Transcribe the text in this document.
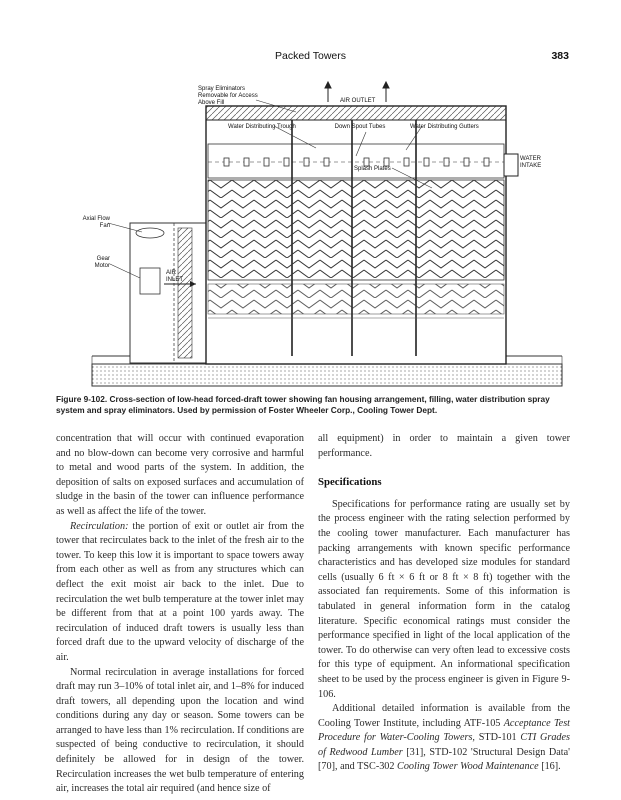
Packed Towers	383
Spray Eliminators Removable for Access Above Fill	AIR OUTLET
Water Distributing Trough	Down Spout Tubes	Water Distributing Gutters
WATER INTAKE
Splash Plates
Axial Flow Fan
Gear Motor
AIR INLET
Figure 9-102. Cross-section of low-head forced-draft tower showing fan housing arrangement, filling, water distribution spray system and spray eliminators. Used by permission of Foster Wheeler Corp., Cooling Tower Dept.

concentration that will occur with continued evaporation and no blow-down can become very corrosive and harmful to metal and wood parts of the system. In addition, the deposition of salts on exposed surfaces and accumulation of sludge in the basin of the tower can influence performance as well as affect the life of the tower.

Recirculation: the portion of exit or outlet air from the tower that recirculates back to the inlet of the fresh air to the tower. To keep this low it is important to space towers away from each other as well as from any structures which can deflect the exit moist air back to the inlet. Due to recirculation the wet bulb temperature at the tower inlet may be different from that at a point 100 yards away. The recirculation of induced draft towers is usually less than forced draft due to the upward velocity of discharge of the air.

Normal recirculation in average installations for forced draft may run 3–10% of total inlet air, and 1–8% for induced draft towers, all depending upon the location and wind conditions during any day or season. Some towers can be arranged to have less than 1% recirculation. If conditions are suspected of being conductive to recirculation, it should definitely be allowed for in design of the tower. Recirculation increases the wet bulb temperature of entering air, increases the total air required (and hence size of

all equipment) in order to maintain a given tower performance.

Specifications

Specifications for performance rating are usually set by the process engineer with the rating selection performed by the cooling tower manufacturer. Each manufacturer has packing arrangements with known specific performance characteristics and has developed size modules for standard cells (usually 6 ft × 6 ft or 8 ft × 8 ft) together with the associated fan requirements. Some of this information is tabulated in general information form in the catalog literature. Specific economical ratings must consider the performance specified in light of the local application of the tower. To do otherwise can very often lead to excessive costs for this type of equipment. An informational specification sheet to be used by the process engineer is given in Figure 9-106.

Additional detailed information is available from the Cooling Tower Institute, including ATF-105 Acceptance Test Procedure for Water-Cooling Towers, STD-101 CTI Grades of Redwood Lumber [31], STD-102 'Structural Design Data' [70], and TSC-302 Cooling Tower Wood Maintenance [16].
